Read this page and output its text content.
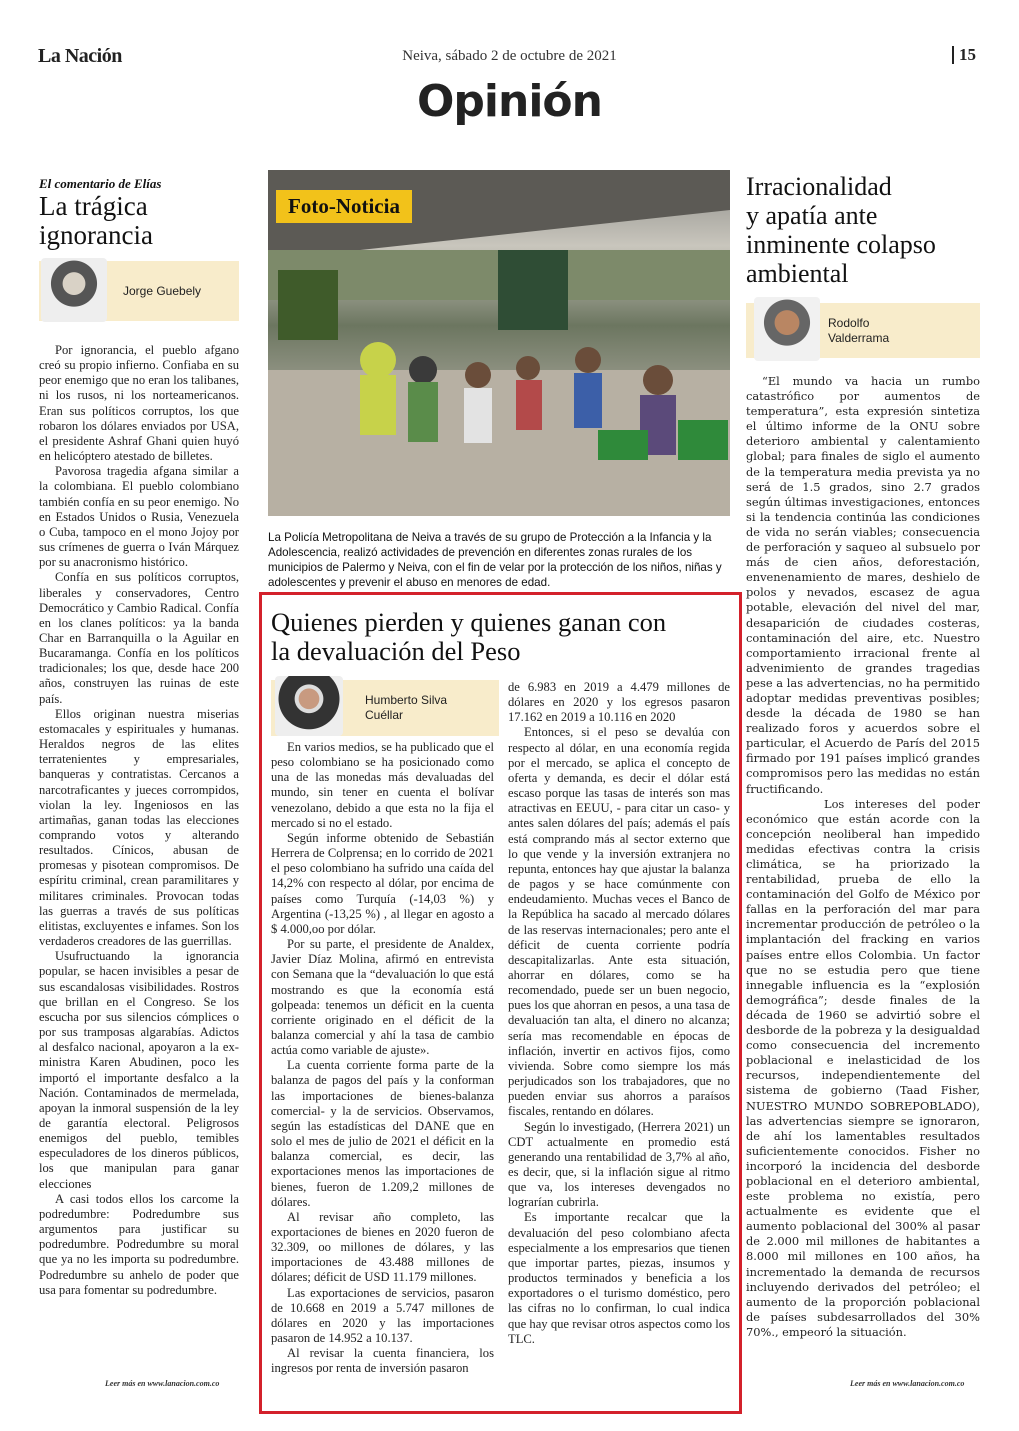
La Nación	Neiva, sábado 2 de octubre de 2021	15
Opinión
El comentario de Elías
La trágica
ignorancia
Jorge Guebely

Por ignorancia, el pueblo afgano creó su propio infierno. Confiaba en su peor enemigo que no eran los talibanes, ni los rusos, ni los norteamericanos. Eran sus políticos corruptos, los que robaron los dólares enviados por USA, el presidente Ashraf Ghani quien huyó en helicóptero atestado de billetes.

Pavorosa tragedia afgana similar a la colombiana. El pueblo colombiano también confía en su peor enemigo. No en Estados Unidos o Rusia, Venezuela o Cuba, tampoco en el mono Jojoy por sus crímenes de guerra o Iván Márquez por su anacronismo histórico.

Confía en sus políticos corruptos, liberales y conservadores, Centro Democrático y Cambio Radical. Confía en los clanes políticos: ya la banda Char en Barranquilla o la Aguilar en Bucaramanga. Confía en los políticos tradicionales; los que, desde hace 200 años, construyen las ruinas de este país.

Ellos originan nuestra miserias estomacales y espirituales y humanas. Heraldos negros de las elites terratenientes y empresariales, banqueras y contratistas. Cercanos a narcotraficantes y jueces corrompidos, violan la ley. Ingeniosos en las artimañas, ganan todas las elecciones comprando votos y alterando resultados. Cínicos, abusan de promesas y pisotean compromisos. De espíritu criminal, crean paramilitares y militares criminales. Provocan todas las guerras a través de sus políticas elitistas, excluyentes e infames. Son los verdaderos creadores de las guerrillas.

Usufructuando la ignorancia popular, se hacen invisibles a pesar de sus escandalosas visibilidades. Rostros que brillan en el Congreso. Se los escucha por sus silencios cómplices o por sus tramposas algarabías. Adictos al desfalco nacional, apoyaron a la ex-ministra Karen Abudinen, poco les importó el importante desfalco a la Nación. Contaminados de mermelada, apoyan la inmoral suspensión de la ley de garantía electoral. Peligrosos enemigos del pueblo, temibles especuladores de los dineros públicos, los que manipulan para ganar elecciones

A casi todos ellos los carcome la podredumbre: Podredumbre sus argumentos para justificar su podredumbre. Podredumbre su moral que ya no les importa su podredumbre. Podredumbre su anhelo de poder que usa para fomentar su podredumbre.

Leer más en www.lanacion.com.co
Foto-Noticia
La Policía Metropolitana de Neiva a través de su grupo de Protección a la Infancia y la Adolescencia, realizó actividades de prevención en diferentes zonas rurales de los municipios de Palermo y Neiva, con el fin de velar por la protección de los niños, niñas y adolescentes y prevenir el abuso en menores de edad.
Quienes pierden y quienes ganan con
la devaluación del Peso
Humberto Silva
Cuéllar

En varios medios, se ha publicado que el peso colombiano se ha posicionado como una de las monedas más devaluadas del mundo, sin tener en cuenta el bolívar venezolano, debido a que esta no la fija el mercado si no el estado.

Según informe obtenido de Sebastián Herrera de Colprensa; en lo corrido de 2021 el peso colombiano ha sufrido una caída del 14,2% con respecto al dólar, por encima de países como Turquía (-14,03 %) y Argentina (-13,25 %) , al llegar en agosto a $ 4.000,oo por dólar.

Por su parte, el presidente de Analdex, Javier Díaz Molina, afirmó en entrevista con Semana que la “devaluación lo que está mostrando es que la economía está golpeada: tenemos un déficit en la cuenta corriente originado en el déficit de la balanza comercial y ahí la tasa de cambio actúa como variable de ajuste».

La cuenta corriente forma parte de la balanza de pagos del país y la conforman las importaciones de bienes-balanza comercial- y la de servicios. Observamos, según las estadísticas del DANE que en solo el mes de julio de 2021 el déficit en la balanza comercial, es decir, las exportaciones menos las importaciones de bienes, fueron de 1.209,2 millones de dólares.

Al revisar año completo, las exportaciones de bienes en 2020 fueron de 32.309, oo millones de dólares, y las importaciones de 43.488 millones de dólares; déficit de USD 11.179 millones.

Las exportaciones de servicios, pasaron de 10.668 en 2019 a 5.747 millones de dólares en 2020 y las importaciones pasaron de 14.952 a 10.137.

Al revisar la cuenta financiera, los ingresos por renta de inversión pasaron

de 6.983 en 2019 a 4.479 millones de dólares en 2020 y los egresos pasaron 17.162 en 2019 a 10.116 en 2020

Entonces, si el peso se devalúa con respecto al dólar, en una economía regida por el mercado, se aplica el concepto de oferta y demanda, es decir el dólar está escaso porque las tasas de interés son mas atractivas en EEUU, - para citar un caso- y antes salen dólares del país; además el país está comprando más al sector externo que lo que vende y la inversión extranjera no repunta, entonces hay que ajustar la balanza de pagos y se hace comúnmente con endeudamiento. Muchas veces el Banco de la República ha sacado al mercado dólares de las reservas internacionales; pero ante el déficit de cuenta corriente podría descapitalizarlas. Ante esta situación, ahorrar en dólares, como se ha recomendado, puede ser un buen negocio, pues los que ahorran en pesos, a una tasa de devaluación tan alta, el dinero no alcanza; sería mas recomendable en épocas de inflación, invertir en activos fijos, como vivienda. Sobre como siempre los más perjudicados son los trabajadores, que no pueden enviar sus ahorros a paraísos fiscales, rentando en dólares.

Según lo investigado, (Herrera 2021) un CDT actualmente en promedio está generando una rentabilidad de 3,7% al año, es decir, que, si la inflación sigue al ritmo que va, los intereses devengados no lograrían cubrirla.

Es importante recalcar que la devaluación del peso colombiano afecta especialmente a los empresarios que tienen que importar partes, piezas, insumos y productos terminados y beneficia a los exportadores o el turismo doméstico, pero las cifras no lo confirman, lo cual indica que hay que revisar otros aspectos como los TLC.

Irracionalidad
y apatía ante
inminente colapso
ambiental
Rodolfo
Valderrama

“El mundo va hacia un rumbo catastrófico por aumentos de temperatura”, esta expresión sintetiza el último informe de la ONU sobre deterioro ambiental y calentamiento global; para finales de siglo el aumento de la temperatura media prevista ya no será de 1.5 grados, sino 2.7 grados según últimas investigaciones, entonces si la tendencia continúa las condiciones de vida no serán viables; consecuencia de perforación y saqueo al subsuelo por más de cien años, deforestación, envenenamiento de mares, deshielo de polos y nevados, escasez de agua potable, elevación del nivel del mar, desaparición de ciudades costeras, contaminación del aire, etc. Nuestro comportamiento irracional frente al advenimiento de grandes tragedias pese a las advertencias, no ha permitido adoptar medidas preventivas posibles; desde la década de 1980 se han realizado foros y acuerdos sobre el particular, el Acuerdo de París del 2015 firmado por 191 países implicó grandes compromisos pero las medidas no están fructificando.

Los intereses del poder económico que están acorde con la concepción neoliberal han impedido medidas efectivas contra la crisis climática, se ha priorizado la rentabilidad, prueba de ello la contaminación del Golfo de México por fallas en la perforación del mar para incrementar producción de petróleo o la implantación del fracking en varios países entre ellos Colombia. Un factor que no se estudia pero que tiene innegable influencia es la “explosión demográfica”; desde finales de la década de 1960 se advirtió sobre el desborde de la pobreza y la desigualdad como consecuencia del incremento poblacional e inelasticidad de los recursos, independientemente del sistema de gobierno (Taad Fisher, NUESTRO MUNDO SOBREPOBLADO), las advertencias siempre se ignoraron, de ahí los lamentables resultados suficientemente conocidos. Fisher no incorporó la incidencia del desborde poblacional en el deterioro ambiental, este problema no existía, pero actualmente es evidente que el aumento poblacional del 300% al pasar de 2.000 mil millones de habitantes a 8.000 mil millones en 100 años, ha incrementado la demanda de recursos incluyendo derivados del petróleo; el aumento de la proporción poblacional de países subdesarrollados del 30% 70%., empeoró la situación.

Leer más en www.lanacion.com.co
